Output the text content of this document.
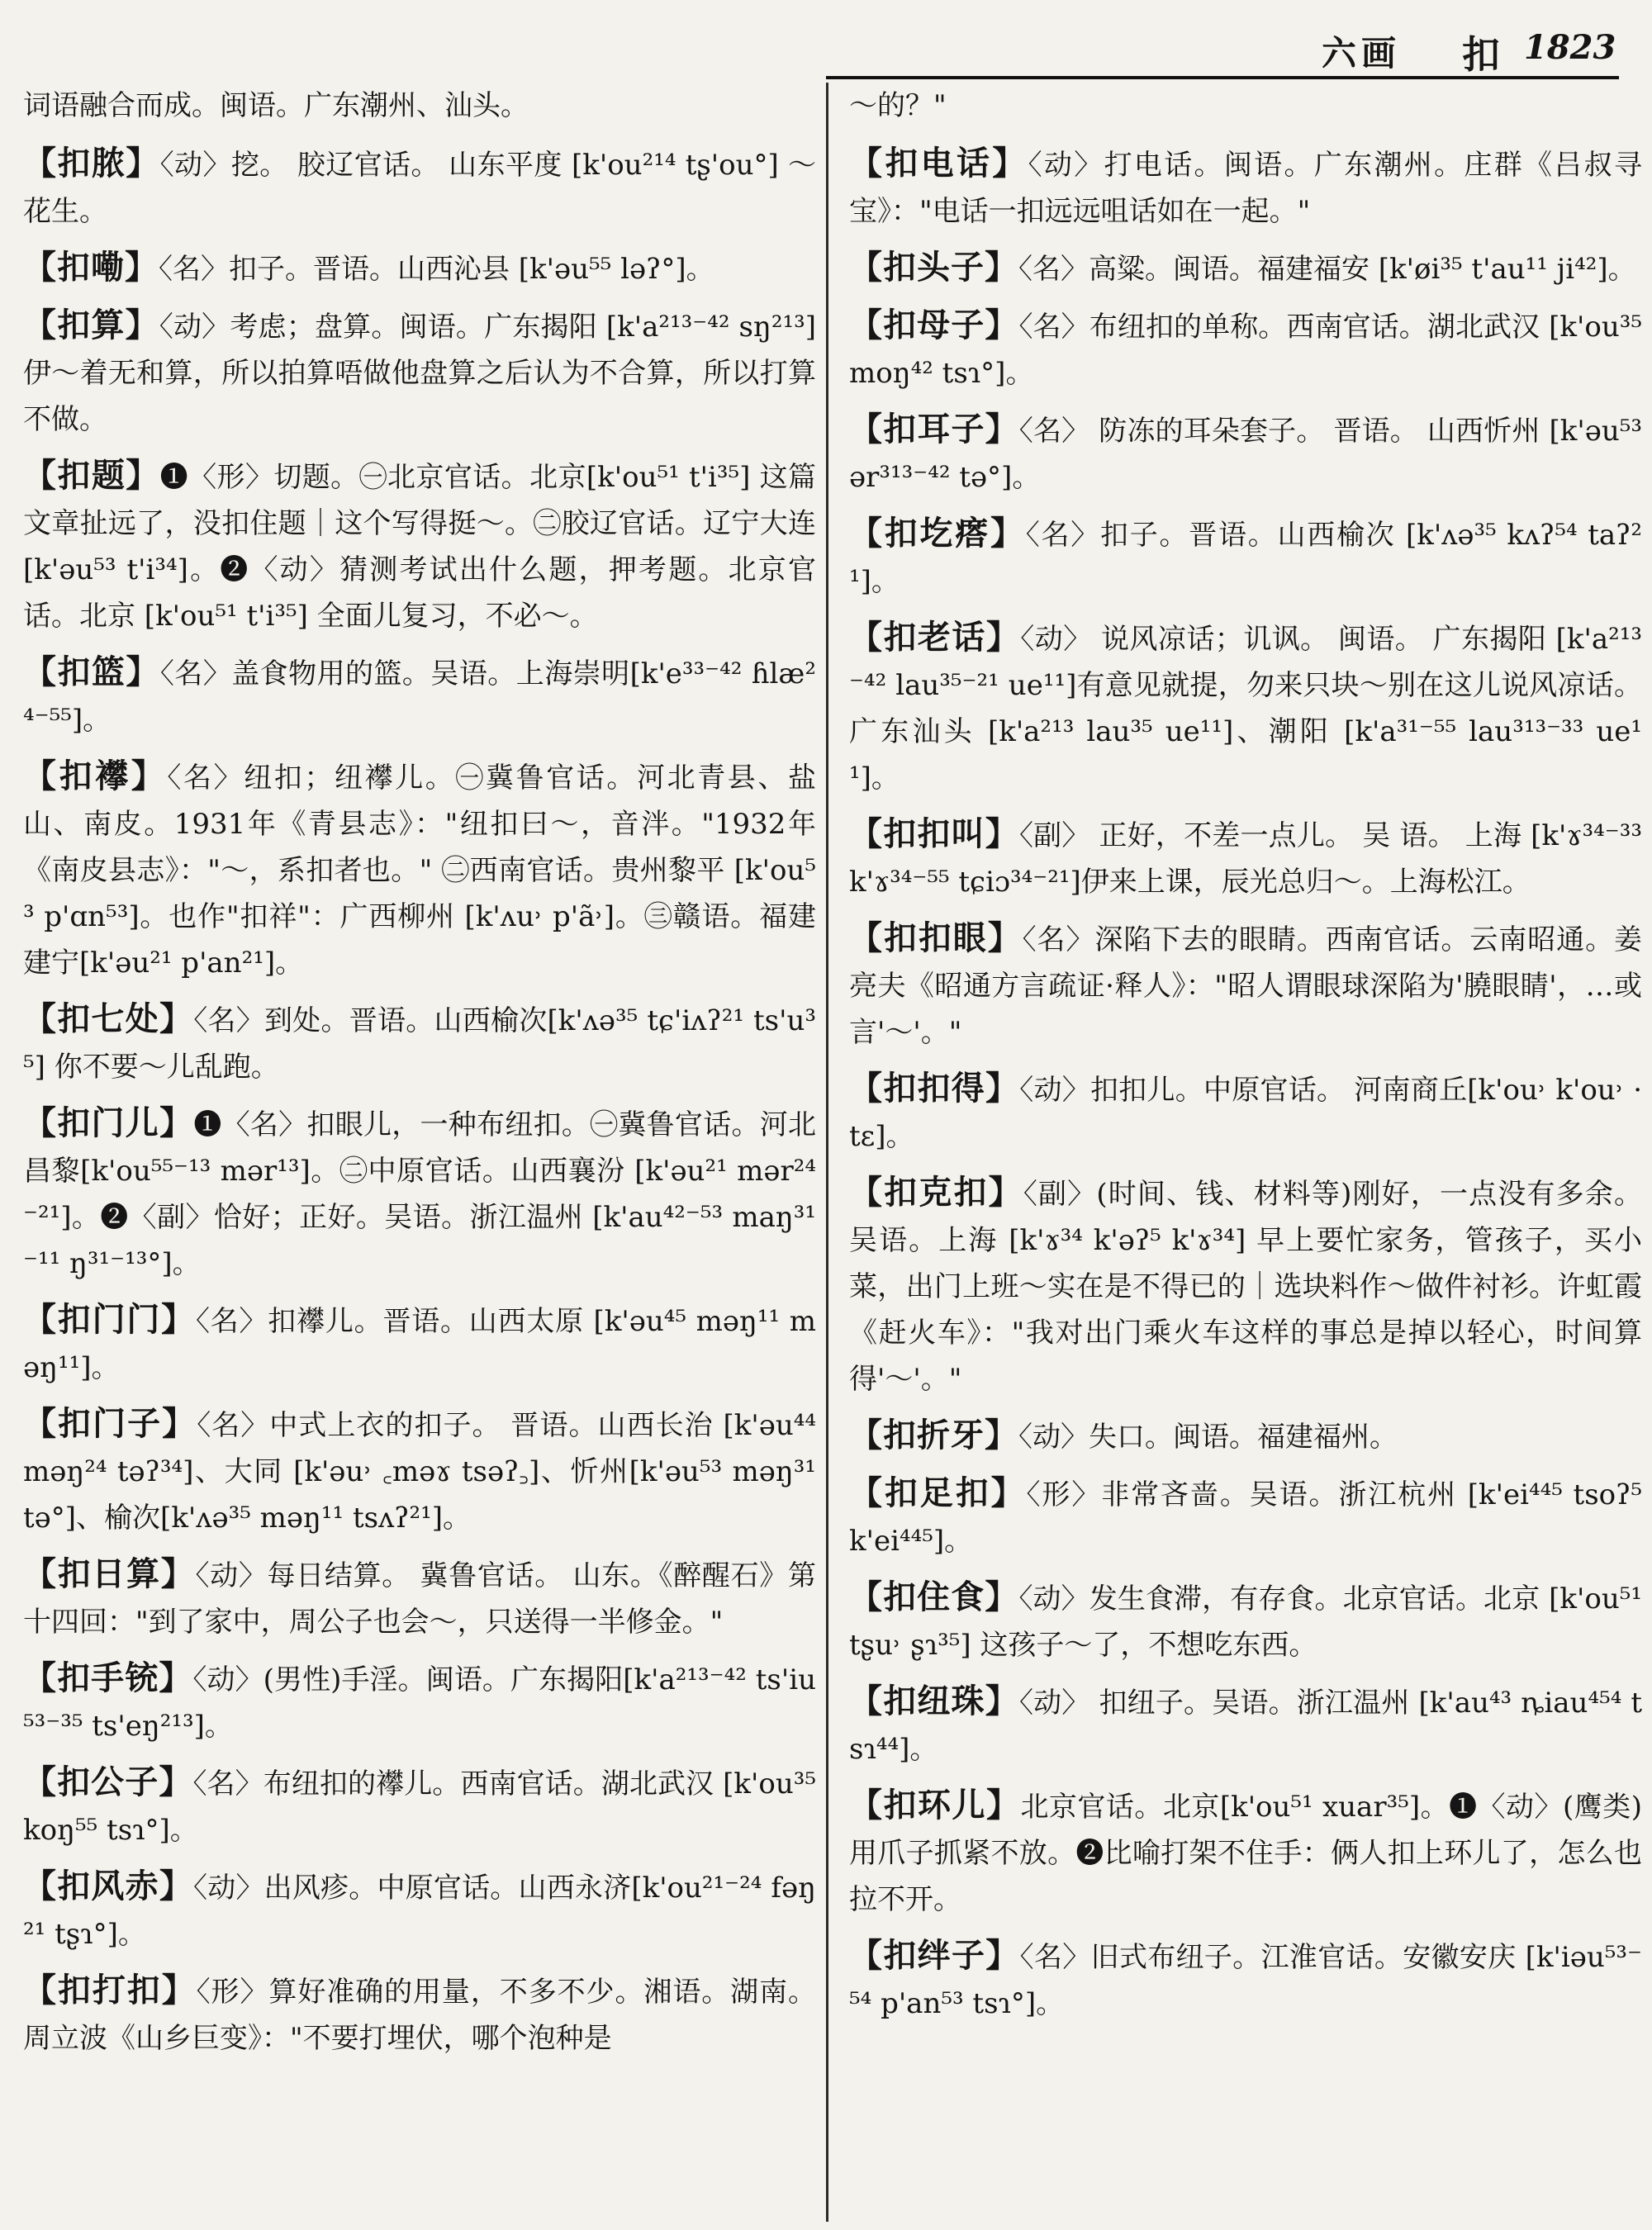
六画 扣 1823

词语融合而成。闽语。广东潮州、汕头。

【扣脓】〈动〉挖。 胶辽官话。 山东平度 [k'ou²¹⁴ tʂ'ou°] ～花生。

【扣嘞】〈名〉扣子。晋语。山西沁县 [k'əu⁵⁵ ləʔ°]。

【扣算】〈动〉考虑；盘算。闽语。广东揭阳 [k'a²¹³⁻⁴² sŋ²¹³] 伊～着无和算，所以拍算唔做他盘算之后认为不合算，所以打算不做。

【扣题】❶〈形〉切题。㊀北京官话。北京[k'ou⁵¹ t'i³⁵] 这篇文章扯远了，没扣住题｜这个写得挺～。㊁胶辽官话。辽宁大连 [k'əu⁵³ t'i³⁴]。❷〈动〉猜测考试出什么题，押考题。北京官话。北京 [k'ou⁵¹ t'i³⁵] 全面儿复习，不必～。

【扣篮】〈名〉盖食物用的篮。吴语。上海崇明[k'e³³⁻⁴² ɦlæ²⁴⁻⁵⁵]。

【扣襻】〈名〉纽扣；纽襻儿。㊀冀鲁官话。河北青县、盐山、南皮。1931年《青县志》："纽扣曰～，音泮。"1932年《南皮县志》："～，系扣者也。" ㊁西南官话。贵州黎平 [k'ou⁵³ p'ɑn⁵³]。也作"扣祥"：广西柳州 [k'ʌu˒ p'ã˒]。㊂赣语。福建建宁[k'əu²¹ p'an²¹]。

【扣七处】〈名〉到处。晋语。山西榆次[k'ʌə³⁵ tɕ'iʌʔ²¹ ts'u³⁵] 你不要～儿乱跑。

【扣门儿】❶〈名〉扣眼儿，一种布纽扣。㊀冀鲁官话。河北昌黎[k'ou⁵⁵⁻¹³ mər¹³]。㊁中原官话。山西襄汾 [k'əu²¹ mər²⁴⁻²¹]。❷〈副〉恰好；正好。吴语。浙江温州 [k'au⁴²⁻⁵³ maŋ³¹⁻¹¹ ŋ³¹⁻¹³°]。

【扣门门】〈名〉扣襻儿。晋语。山西太原 [k'əu⁴⁵ məŋ¹¹ məŋ¹¹]。

【扣门子】〈名〉中式上衣的扣子。 晋语。山西长治 [k'əu⁴⁴ məŋ²⁴ təʔ³⁴]、大同 [k'əu˒ ꜀məɤ tsəʔ꜆]、忻州[k'əu⁵³ məŋ³¹ tə°]、榆次[k'ʌə³⁵ məŋ¹¹ tsʌʔ²¹]。

【扣日算】〈动〉每日结算。 冀鲁官话。 山东。《醉醒石》第十四回："到了家中，周公子也会～，只送得一半修金。"

【扣手铳】〈动〉(男性)手淫。闽语。广东揭阳[k'a²¹³⁻⁴² ts'iu⁵³⁻³⁵ ts'eŋ²¹³]。

【扣公子】〈名〉布纽扣的襻儿。西南官话。湖北武汉 [k'ou³⁵ koŋ⁵⁵ tsɿ°]。

【扣风赤】〈动〉出风疹。中原官话。山西永济[k'ou²¹⁻²⁴ fəŋ²¹ tʂɿ°]。

【扣打扣】〈形〉算好准确的用量，不多不少。湘语。湖南。周立波《山乡巨变》："不要打埋伏，哪个泡种是

～的？"

【扣电话】〈动〉打电话。闽语。广东潮州。庄群《吕叔寻宝》："电话一扣远远咀话如在一起。"

【扣头子】〈名〉高粱。闽语。福建福安 [k'øi³⁵ t'au¹¹ ji⁴²]。

【扣母子】〈名〉布纽扣的单称。西南官话。湖北武汉 [k'ou³⁵ moŋ⁴² tsɿ°]。

【扣耳子】〈名〉 防冻的耳朵套子。 晋语。 山西忻州 [k'əu⁵³ ər³¹³⁻⁴² tə°]。

【扣圪瘩】〈名〉扣子。晋语。山西榆次 [k'ʌə³⁵ kʌʔ⁵⁴ taʔ²¹]。

【扣老话】〈动〉 说风凉话；讥讽。 闽语。 广东揭阳 [k'a²¹³⁻⁴² lau³⁵⁻²¹ ue¹¹]有意见就提，勿来只块～别在这儿说风凉话。广东汕头 [k'a²¹³ lau³⁵ ue¹¹]、潮阳 [k'a³¹⁻⁵⁵ lau³¹³⁻³³ ue¹¹]。

【扣扣叫】〈副〉 正好，不差一点儿。 吴 语。 上海 [k'ɤ³⁴⁻³³ k'ɤ³⁴⁻⁵⁵ tɕiɔ³⁴⁻²¹]伊来上课，辰光总归～。上海松江。

【扣扣眼】〈名〉深陷下去的眼睛。西南官话。云南昭通。姜亮夫《昭通方言疏证·释人》："昭人谓眼球深陷为'膮眼睛'，…或言'～'。"

【扣扣得】〈动〉扣扣儿。中原官话。 河南商丘[k'ou˒ k'ou˒ ·tɛ]。

【扣克扣】〈副〉(时间、钱、材料等)刚好，一点没有多余。吴语。上海 [k'ɤ³⁴ k'əʔ⁵ k'ɤ³⁴] 早上要忙家务，管孩子，买小菜，出门上班～实在是不得已的｜选块料作～做件衬衫。许虹霞《赶火车》："我对出门乘火车这样的事总是掉以轻心，时间算得'～'。"

【扣折牙】〈动〉失口。闽语。福建福州。

【扣足扣】〈形〉非常吝啬。吴语。浙江杭州 [k'ei⁴⁴⁵ tsoʔ⁵ k'ei⁴⁴⁵]。

【扣住食】〈动〉发生食滞，有存食。北京官话。北京 [k'ou⁵¹ tʂu˒ ʂɿ³⁵] 这孩子～了，不想吃东西。

【扣纽珠】〈动〉 扣纽子。吴语。浙江温州 [k'au⁴³ ȵiau⁴⁵⁴ tsɿ⁴⁴]。

【扣环儿】北京官话。北京[k'ou⁵¹ xuar³⁵]。❶〈动〉(鹰类)用爪子抓紧不放。❷比喻打架不住手：俩人扣上环儿了，怎么也拉不开。

【扣绊子】〈名〉旧式布纽子。江淮官话。安徽安庆 [k'iəu⁵³⁻⁵⁴ p'an⁵³ tsɿ°]。
